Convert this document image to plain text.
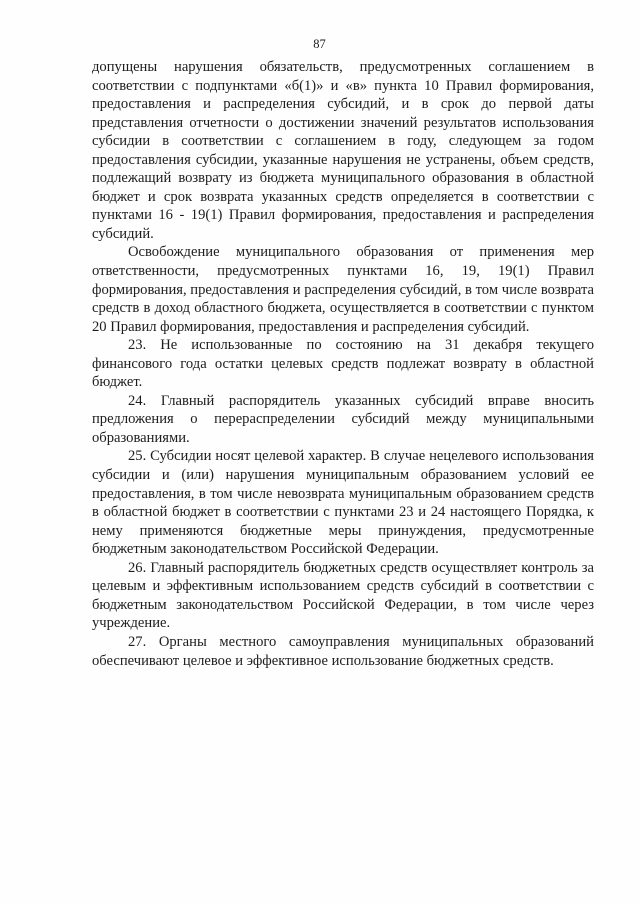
87

допущены нарушения обязательств, предусмотренных соглашением в соответствии с подпунктами «б(1)» и «в» пункта 10 Правил формирования, предоставления и распределения субсидий, и в срок до первой даты представления отчетности о достижении значений результатов использования субсидии в соответствии с соглашением в году, следующем за годом предоставления субсидии, указанные нарушения не устранены, объем средств, подлежащий возврату из бюджета муниципального образования в областной бюджет и срок возврата указанных средств определяется в соответствии с пунктами 16 - 19(1) Правил формирования, предоставления и распределения субсидий.

Освобождение муниципального образования от применения мер ответственности, предусмотренных пунктами 16, 19, 19(1) Правил формирования, предоставления и распределения субсидий, в том числе возврата средств в доход областного бюджета, осуществляется в соответствии с пунктом 20 Правил формирования, предоставления и распределения субсидий.

23. Не использованные по состоянию на 31 декабря текущего финансового года остатки целевых средств подлежат возврату в областной бюджет.

24. Главный распорядитель указанных субсидий вправе вносить предложения о перераспределении субсидий между муниципальными образованиями.

25. Субсидии носят целевой характер. В случае нецелевого использования субсидии и (или) нарушения муниципальным образованием условий ее предоставления, в том числе невозврата муниципальным образованием средств в областной бюджет в соответствии с пунктами 23 и 24 настоящего Порядка, к нему применяются бюджетные меры принуждения, предусмотренные бюджетным законодательством Российской Федерации.

26. Главный распорядитель бюджетных средств осуществляет контроль за целевым и эффективным использованием средств субсидий в соответствии с бюджетным законодательством Российской Федерации, в том числе через учреждение.

27. Органы местного самоуправления муниципальных образований обеспечивают целевое и эффективное использование бюджетных средств.
